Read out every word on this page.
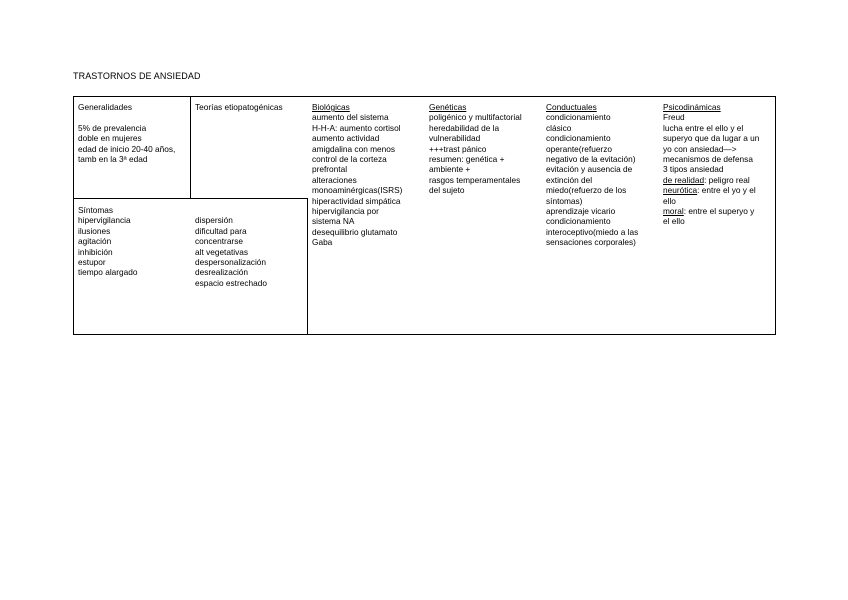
TRASTORNOS DE ANSIEDAD
Generalidades
5% de prevalencia
doble en mujeres
edad de inicio 20-40 años,
tamb en la 3ª edad
Teorías etiopatogénicas
Síntomas
hipervigilancia
ilusiones
agitación
inhibición
estupor
tiempo alargado
dispersión
dificultad para
concentrarse
alt vegetativas
despersonalización
desrealización
espacio estrechado
Biológicas
aumento del sistema
H-H-A: aumento cortisol
aumento actividad
amigdalina con menos
control de la corteza
prefrontal
alteraciones
monoaminérgicas(ISRS)
hiperactividad simpática
hipervigilancia por
sistema NA
desequilibrio glutamato
Gaba
Genéticas
poligénico y multifactorial
heredabilidad de la
vulnerabilidad
+++trast pánico
resumen: genética +
ambiente +
rasgos temperamentales
del sujeto
Conductuales
condicionamiento
clásico
condicionamiento
operante(refuerzo
negativo de la evitación)
evitación y ausencia de
extinción del
miedo(refuerzo de los
síntomas)
aprendizaje vicario
condicionamiento
interoceptivo(miedo a las
sensaciones corporales)
Psicodinámicas
Freud
lucha entre el ello y el
superyo que da lugar a un
yo con ansiedad—>
mecanismos de defensa
3 tipos ansiedad
de realidad: peligro real
neurótica: entre el yo y el
ello
moral: entre el superyo y
el ello
